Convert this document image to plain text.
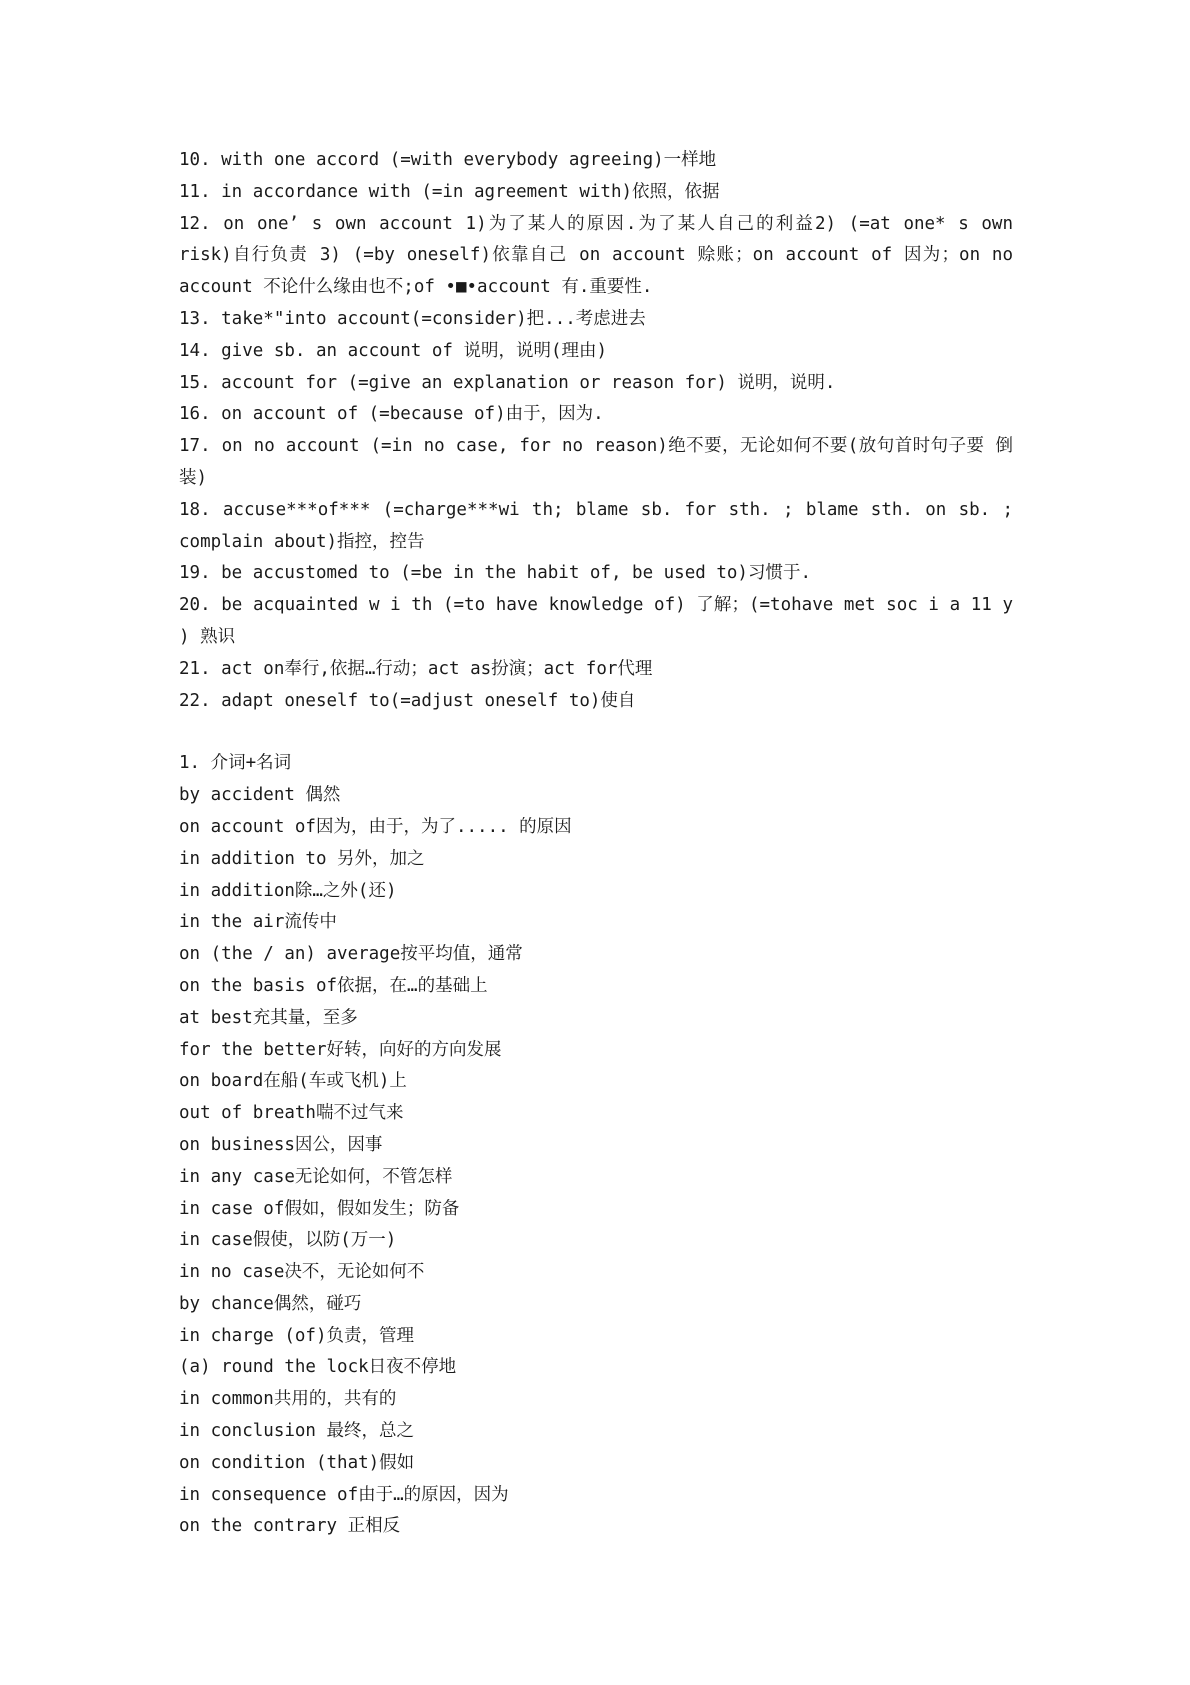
10. with one accord (=with everybody agreeing)一样地

11. in accordance with (=in agreement with)依照，依据

12. on one’ s own account 1)为了某人的原因.为了某人自己的利益2) (=at one* s own risk)自行负责 3) (=by oneself)依靠自己 on account 赊账；on account of 因为；on no account 不论什么缘由也不;of •■•account 有.重要性.

13. take*"into account(=consider)把...考虑进去

14. give sb. an account of 说明，说明(理由)

15. account for (=give an explanation or reason for) 说明，说明.

16. on account of (=because of)由于，因为.

17. on no account (=in no case, for no reason)绝不要，无论如何不要(放句首时句子要 倒装)

18. accuse***of*** (=charge***wi th; blame sb. for sth. ; blame sth. on sb. ; complain about)指控，控告

19. be accustomed to (=be in the habit of, be used to)习惯于.

20. be acquainted w i th (=to have knowledge of) 了解；(=tohave met soc i a 11 y ) 熟识

21. act on奉行,依据…行动；act as扮演；act for代理

22. adapt oneself to(=adjust oneself to)使自

1. 介词+名词

by accident 偶然

on account of因为，由于，为了..... 的原因

in addition to 另外，加之

in addition除…之外(还)

in the air流传中

on (the / an) average按平均值，通常

on the basis of依据，在…的基础上

at best充其量，至多

for the better好转，向好的方向发展

on board在船(车或飞机)上

out of breath喘不过气来

on business因公，因事

in any case无论如何，不管怎样

in case of假如，假如发生；防备

in case假使，以防(万一)

in no case决不，无论如何不

by chance偶然，碰巧

in charge (of)负责，管理

(a) round the lock日夜不停地

in common共用的，共有的

in conclusion 最终，总之

on condition (that)假如

in consequence of由于…的原因，因为

on the contrary 正相反
